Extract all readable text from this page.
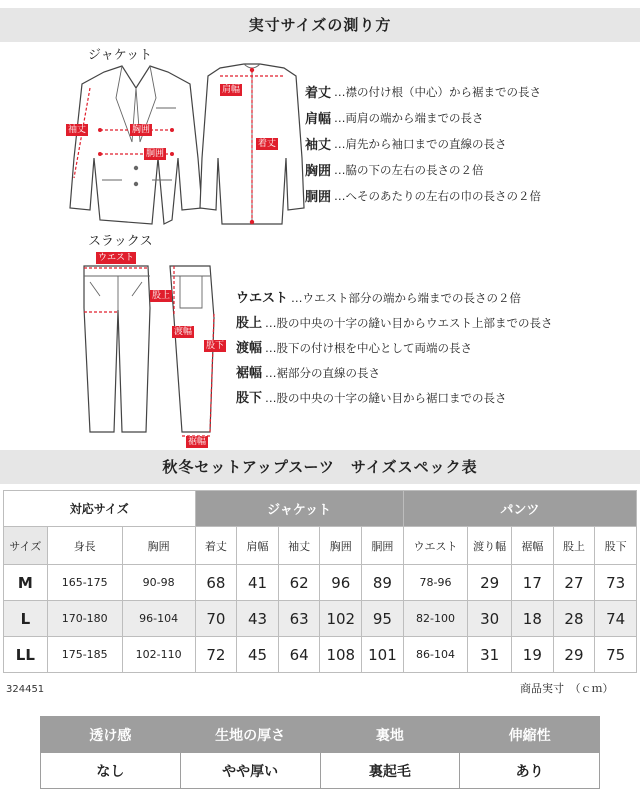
実寸サイズの測り方
ジャケット
肩幅
袖丈	胸囲
胴囲
着丈
着丈 …襟の付け根（中心）から裾までの長さ
肩幅 …両肩の端から端までの長さ
袖丈 …肩先から袖口までの直線の長さ
胸囲 …脇の下の左右の長さの２倍
胴囲 …へそのあたりの左右の巾の長さの２倍
スラックス
ウエスト
股上
渡幅
股下
裾幅
ウエスト …ウエスト部分の端から端までの長さの２倍
股上 …股の中央の十字の縫い目からウエスト上部までの長さ
渡幅 …股下の付け根を中心として両端の長さ
裾幅 …裾部分の直線の長さ
股下 …股の中央の十字の縫い目から裾口までの長さ
秋冬セットアップスーツ　サイズスペック表
対応サイズ			ジャケット					パンツ				
サイズ	身長	胸囲	着丈	肩幅	袖丈	胸囲	胴囲	ウエスト	渡り幅	裾幅	股上	股下
M	165-175	90-98	68	41	62	96	89	78-96	29	17	27	73
L	170-180	96-104	70	43	63	102	95	82-100	30	18	28	74
LL	175-185	102-110	72	45	64	108	101	86-104	31	19	29	75
324451	商品実寸　（ｃｍ）
透け感	生地の厚さ	裏地	伸縮性
なし	やや厚い	裏起毛	あり
